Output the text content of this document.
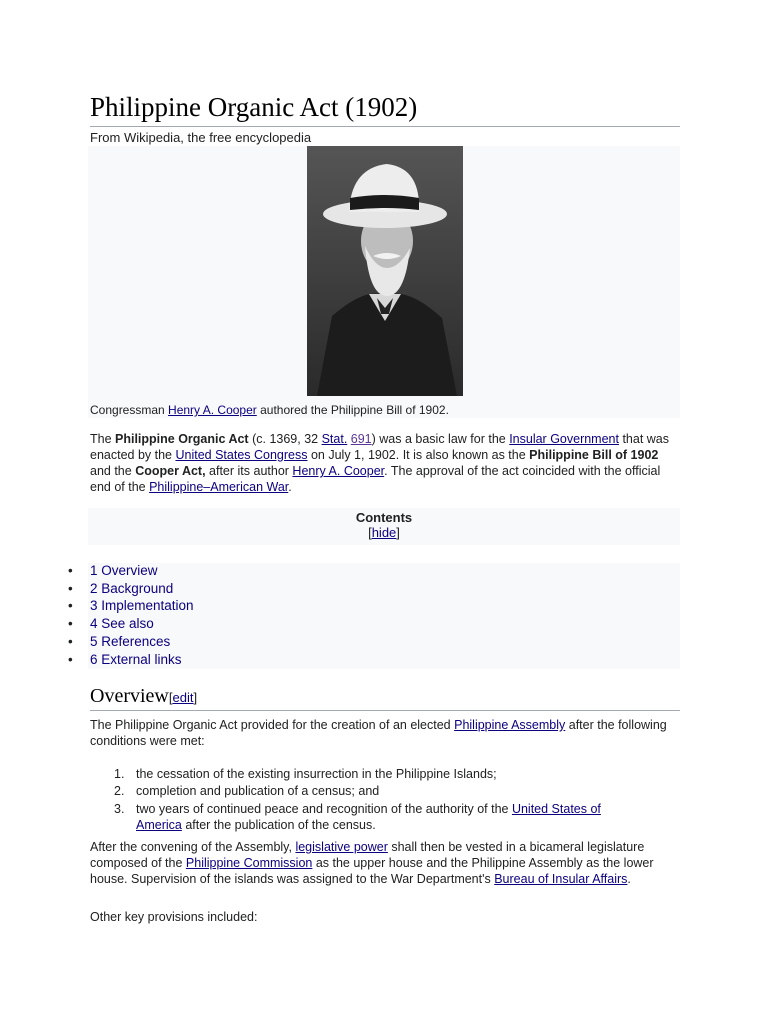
Philippine Organic Act (1902)
From Wikipedia, the free encyclopedia
Congressman Henry A. Cooper authored the Philippine Bill of 1902.
The Philippine Organic Act (c. 1369, 32 Stat. 691) was a basic law for the Insular Government that was enacted by the United States Congress on July 1, 1902. It is also known as the Philippine Bill of 1902 and the Cooper Act, after its author Henry A. Cooper. The approval of the act coincided with the official end of the Philippine–American War.
Contents
[hide]
• 1 Overview
• 2 Background
• 3 Implementation
• 4 See also
• 5 References
• 6 External links
Overview[edit]
The Philippine Organic Act provided for the creation of an elected Philippine Assembly after the following conditions were met:
1. the cessation of the existing insurrection in the Philippine Islands;
2. completion and publication of a census; and
3. two years of continued peace and recognition of the authority of the United States of America after the publication of the census.
After the convening of the Assembly, legislative power shall then be vested in a bicameral legislature composed of the Philippine Commission as the upper house and the Philippine Assembly as the lower house. Supervision of the islands was assigned to the War Department's Bureau of Insular Affairs.
Other key provisions included:
